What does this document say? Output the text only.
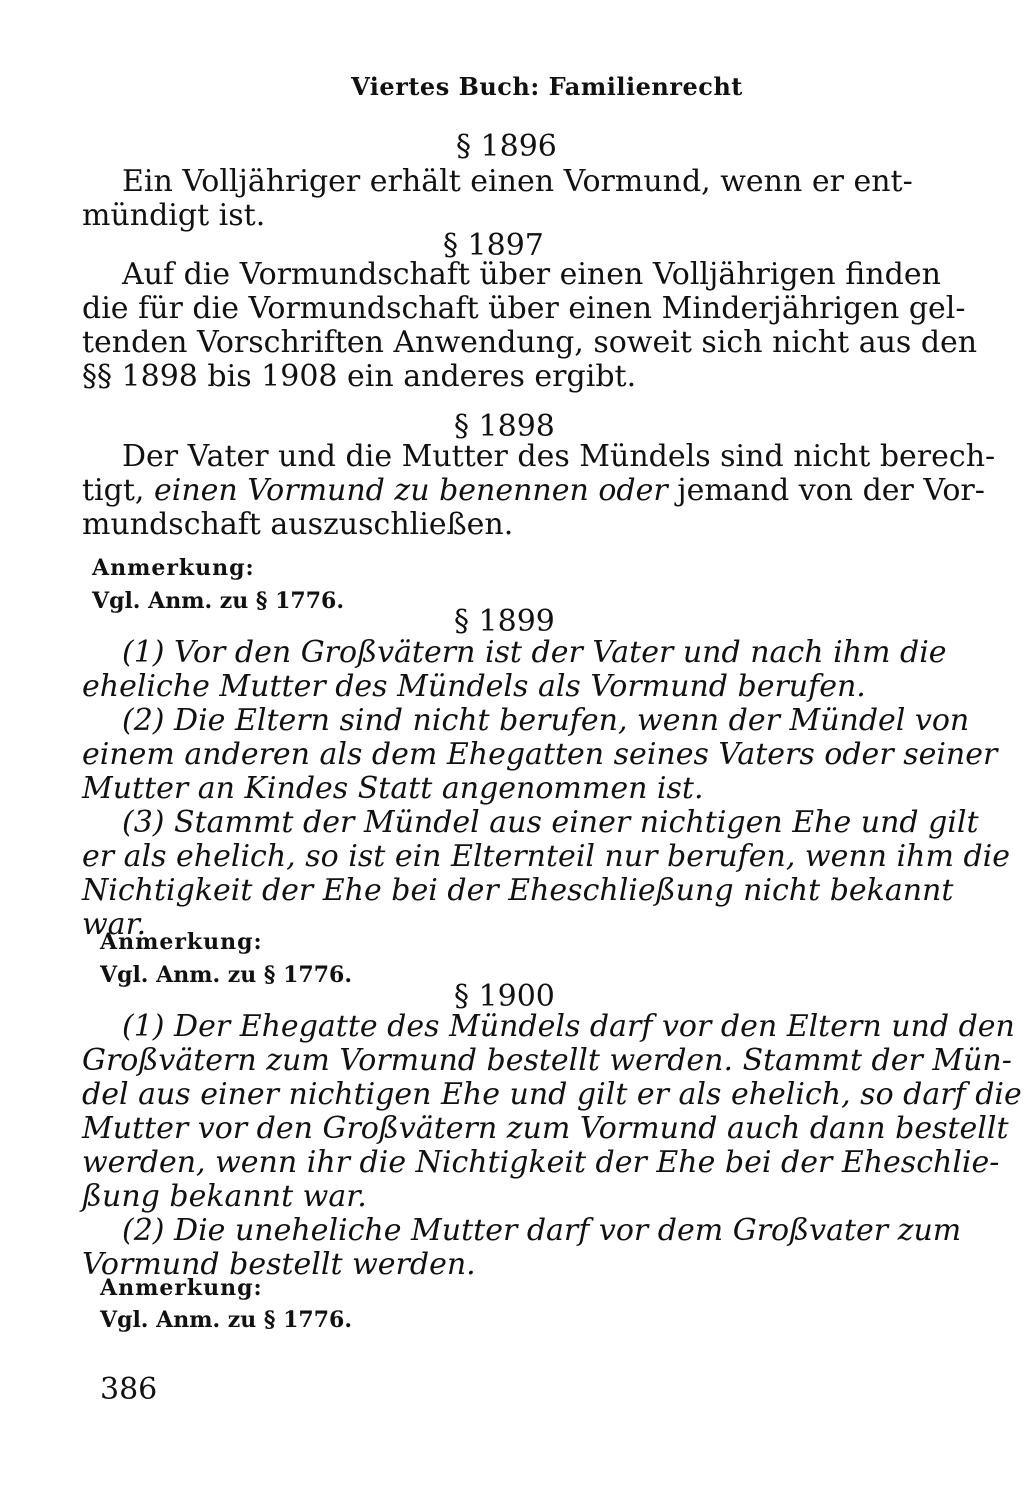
Viertes Buch: Familienrecht
§ 1896
Ein Volljähriger erhält einen Vormund, wenn er ent-
mündigt ist.
§ 1897
Auf die Vormundschaft über einen Volljährigen finden
die für die Vormundschaft über einen Minderjährigen gel-
tenden Vorschriften Anwendung, soweit sich nicht aus den
§§ 1898 bis 1908 ein anderes ergibt.
§ 1898
Der Vater und die Mutter des Mündels sind nicht berech-
tigt, einen Vormund zu benennen oder jemand von der Vor-
mundschaft auszuschließen.
Anmerkung:
Vgl. Anm. zu § 1776.
§ 1899
(1) Vor den Großvätern ist der Vater und nach ihm die
eheliche Mutter des Mündels als Vormund berufen.
(2) Die Eltern sind nicht berufen, wenn der Mündel von
einem anderen als dem Ehegatten seines Vaters oder seiner
Mutter an Kindes Statt angenommen ist.
(3) Stammt der Mündel aus einer nichtigen Ehe und gilt
er als ehelich, so ist ein Elternteil nur berufen, wenn ihm die
Nichtigkeit der Ehe bei der Eheschließung nicht bekannt
war.
Anmerkung:
Vgl. Anm. zu § 1776.
§ 1900
(1) Der Ehegatte des Mündels darf vor den Eltern und den
Großvätern zum Vormund bestellt werden. Stammt der Mün-
del aus einer nichtigen Ehe und gilt er als ehelich, so darf die
Mutter vor den Großvätern zum Vormund auch dann bestellt
werden, wenn ihr die Nichtigkeit der Ehe bei der Eheschlie-
ßung bekannt war.
(2) Die uneheliche Mutter darf vor dem Großvater zum
Vormund bestellt werden.
Anmerkung:
Vgl. Anm. zu § 1776.
386
